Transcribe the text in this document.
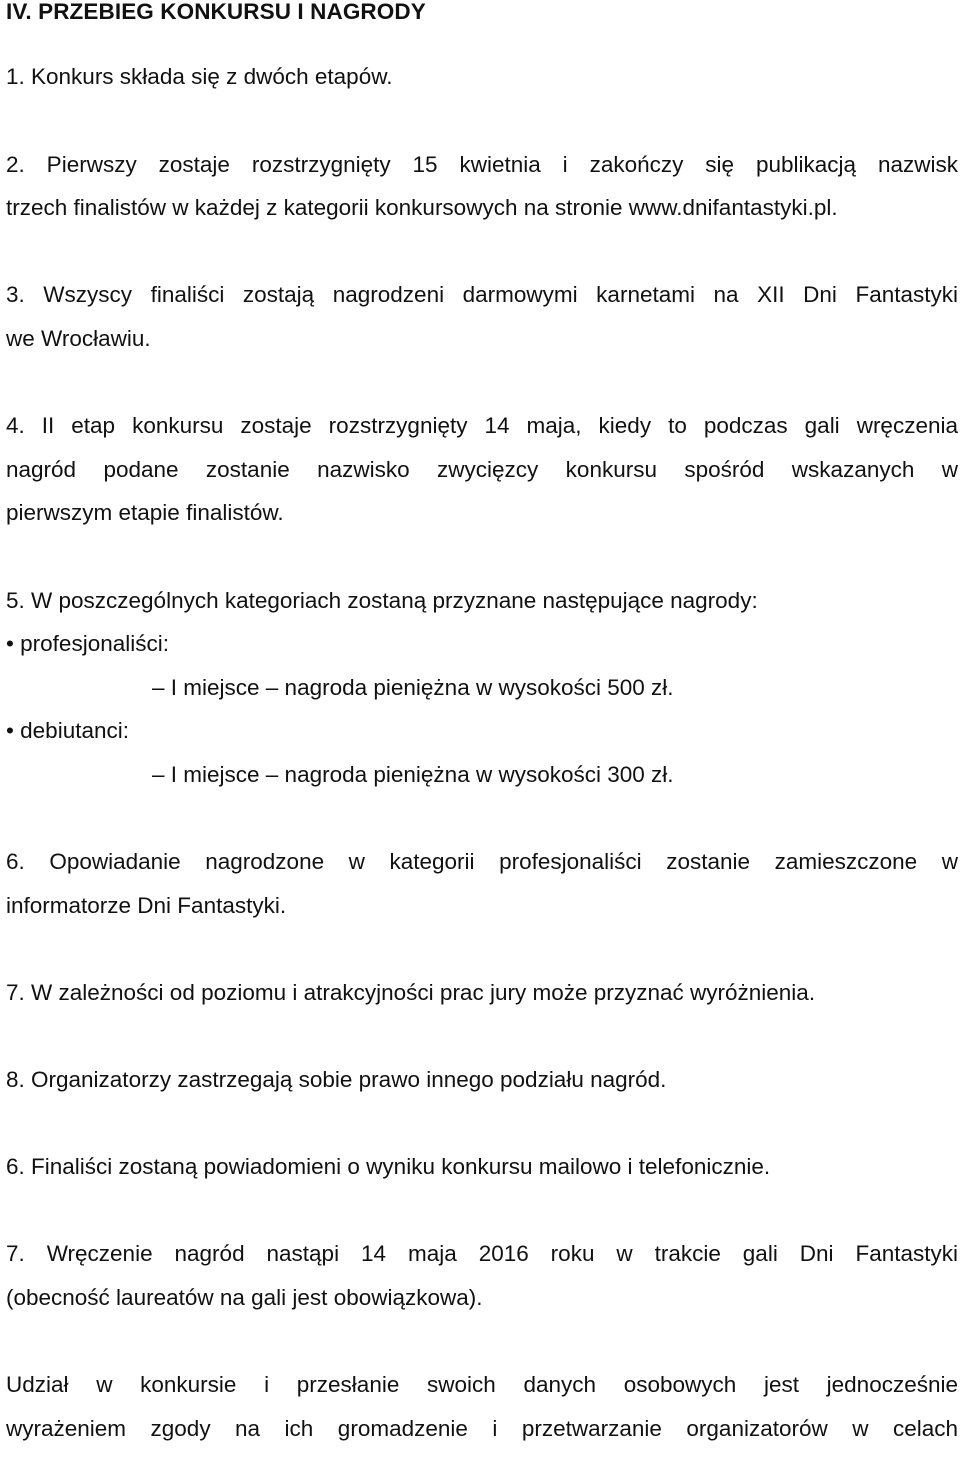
IV. PRZEBIEG KONKURSU I NAGRODY
1. Konkurs składa się z dwóch etapów.
2. Pierwszy zostaje rozstrzygnięty 15 kwietnia i zakończy się publikacją nazwisk
trzech finalistów w każdej z kategorii konkursowych na stronie www.dnifantastyki.pl.
3. Wszyscy finaliści zostają nagrodzeni darmowymi karnetami na XII Dni Fantastyki
we Wrocławiu.
4. II etap konkursu zostaje rozstrzygnięty 14 maja, kiedy to podczas gali wręczenia
nagród podane zostanie nazwisko zwycięzcy konkursu spośród wskazanych w
pierwszym etapie finalistów.
5. W poszczególnych kategoriach zostaną przyznane następujące nagrody:
• profesjonaliści:
– I miejsce – nagroda pieniężna w wysokości 500 zł.
• debiutanci:
– I miejsce – nagroda pieniężna w wysokości 300 zł.
6. Opowiadanie nagrodzone w kategorii profesjonaliści zostanie zamieszczone w
informatorze Dni Fantastyki.
7. W zależności od poziomu i atrakcyjności prac jury może przyznać wyróżnienia.
8. Organizatorzy zastrzegają sobie prawo innego podziału nagród.
6. Finaliści zostaną powiadomieni o wyniku konkursu mailowo i telefonicznie.
7. Wręczenie nagród nastąpi 14 maja 2016 roku w trakcie gali Dni Fantastyki
(obecność laureatów na gali jest obowiązkowa).
Udział w konkursie i przesłanie swoich danych osobowych jest jednocześnie
wyrażeniem zgody na ich gromadzenie i przetwarzanie organizatorów w celach
